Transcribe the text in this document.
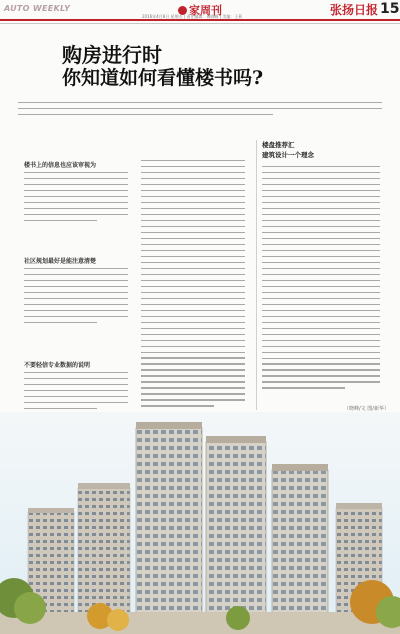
AUTO WEEKLY	家周刊	张扬日报 15
2016年4月8日 星期五 | 责任编辑：周晓峰 | 美编：王莉
购房进行时
你知道如何看懂楼书吗?
楼书上的信息也应该审视为
社区规划最好是能注意清楚
不要轻信专业数据的说明
楼盘推荐汇
建筑设计一个理念
（晓峰/文 图/新华）
